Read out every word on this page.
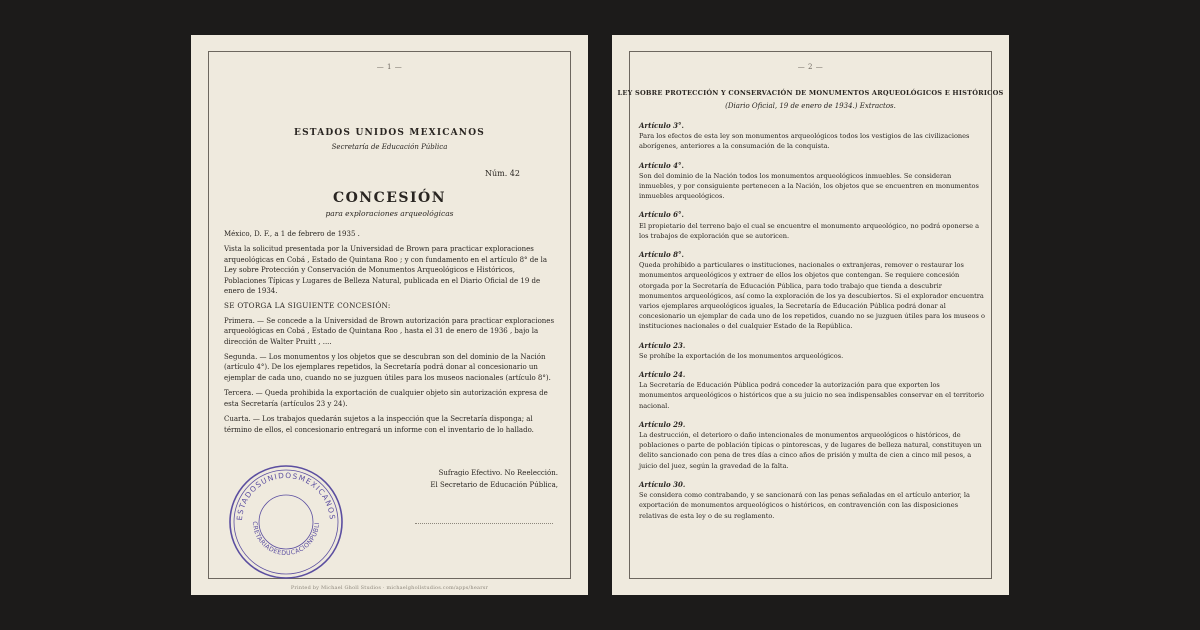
— 1 —
ESTADOS UNIDOS MEXICANOS
Secretaría de Educación Pública
Núm. 42
CONCESIÓN
para exploraciones arqueológicas

México, D. F., a 1 de febrero de 1935 .

Vista la solicitud presentada por la Universidad de Brown para practicar exploraciones arqueológicas en Cobá , Estado de Quintana Roo ; y con fundamento en el artículo 8° de la Ley sobre Protección y Conservación de Monumentos Arqueológicos e Históricos, Poblaciones Típicas y Lugares de Belleza Natural, publicada en el Diario Oficial de 19 de enero de 1934.

SE OTORGA LA SIGUIENTE CONCESIÓN:

Primera. — Se concede a la Universidad de Brown autorización para practicar exploraciones arqueológicas en Cobá , Estado de Quintana Roo , hasta el 31 de enero de 1936 , bajo la dirección de Walter Pruitt , ....

Segunda. — Los monumentos y los objetos que se descubran son del dominio de la Nación (artículo 4°). De los ejemplares repetidos, la Secretaría podrá donar al concesionario un ejemplar de cada uno, cuando no se juzguen útiles para los museos nacionales (artículo 8°).

Tercera. — Queda prohibida la exportación de cualquier objeto sin autorización expresa de esta Secretaría (artículos 23 y 24).

Cuarta. — Los trabajos quedarán sujetos a la inspección que la Secretaría disponga; al término de ellos, el concesionario entregará un informe con el inventario de lo hallado.

Sufragio Efectivo. No Reelección.
El Secretario de Educación Pública,
ESTADOSUNIDOSMEXICANOS
CRETARIADEEDUCACIONPUBLI
Printed by Michael Gholl Studios · michaelghollstudios.com/apps/hearsr
— 2 —
LEY SOBRE PROTECCIÓN Y CONSERVACIÓN DE MONUMENTOS ARQUEOLÓGICOS E HISTÓRICOS
(Diario Oficial, 19 de enero de 1934.) Extractos.
Artículo 3°.

Para los efectos de esta ley son monumentos arqueológicos todos los vestigios de las civilizaciones aborígenes, anteriores a la consumación de la conquista.

Artículo 4°.

Son del dominio de la Nación todos los monumentos arqueológicos inmuebles. Se consideran inmuebles, y por consiguiente pertenecen a la Nación, los objetos que se encuentren en monumentos inmuebles arqueológicos.

Artículo 6°.

El propietario del terreno bajo el cual se encuentre el monumento arqueológico, no podrá oponerse a los trabajos de exploración que se autoricen.

Artículo 8°.

Queda prohibido a particulares o instituciones, nacionales o extranjeras, remover o restaurar los monumentos arqueológicos y extraer de ellos los objetos que contengan. Se requiere concesión otorgada por la Secretaría de Educación Pública, para todo trabajo que tienda a descubrir monumentos arqueológicos, así como la exploración de los ya descubiertos. Si el explorador encuentra varios ejemplares arqueológicos iguales, la Secretaría de Educación Pública podrá donar al concesionario un ejemplar de cada uno de los repetidos, cuando no se juzguen útiles para los museos o instituciones nacionales o del cualquier Estado de la República.

Artículo 23.

Se prohíbe la exportación de los monumentos arqueológicos.

Artículo 24.

La Secretaría de Educación Pública podrá conceder la autorización para que exporten los monumentos arqueológicos o históricos que a su juicio no sea indispensables conservar en el territorio nacional.

Artículo 29.

La destrucción, el deterioro o daño intencionales de monumentos arqueológicos o históricos, de poblaciones o parte de población típicas o pintorescas, y de lugares de belleza natural, constituyen un delito sancionado con pena de tres días a cinco años de prisión y multa de cien a cinco mil pesos, a juicio del juez, según la gravedad de la falta.

Artículo 30.

Se considera como contrabando, y se sancionará con las penas señaladas en el artículo anterior, la exportación de monumentos arqueológicos o históricos, en contravención con las disposiciones relativas de esta ley o de su reglamento.
